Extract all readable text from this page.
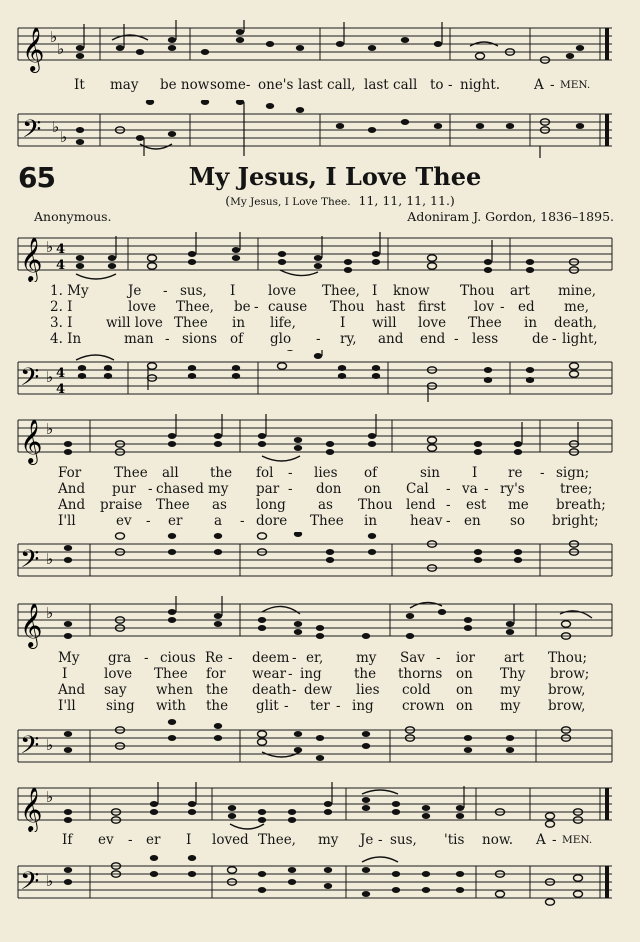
𝄞 ♭
♭
It may be now some- one's last call, last call to - night.	A - MEN.
𝄢 ♭
♭
65	My Jesus, I Love Thee
(My Jesus, I Love Thee. 11, 11, 11, 11.)
Anonymous.	Adoniram J. Gordon, 1836–1895.
𝄞 ♭ 4
4
1. My	Je - sus, I love Thee, I know Thou art mine,
2. I	love Thee, be - cause Thou hast first lov - ed me,
3. I will love Thee in life,	I will love Thee in death,
4. In	man - sions of glo - ry, and end - less	de - light,
𝄢 ♭ 4
4
𝄞 ♭
For Thee all the fol - lies of	sin I re - sign;
And pur - chased my par - don on Cal - va - ry's	tree;
And praise Thee as long as Thou lend - est me breath;
I'll	ev - er a - dore Thee in heav - en so bright;
𝄢 ♭
𝄞 ♭
My gra - cious Re - deem - er, my Sav - ior art Thou;
I	love Thee for wear - ing the thorns on Thy brow;
And say when the death - dew lies cold on my brow,
I'll sing with the glit - ter - ing crown on my brow,
𝄢 ♭
𝄞 ♭
If ev - er I loved Thee, my Je - sus, 'tis now. A - MEN.
𝄢 ♭
